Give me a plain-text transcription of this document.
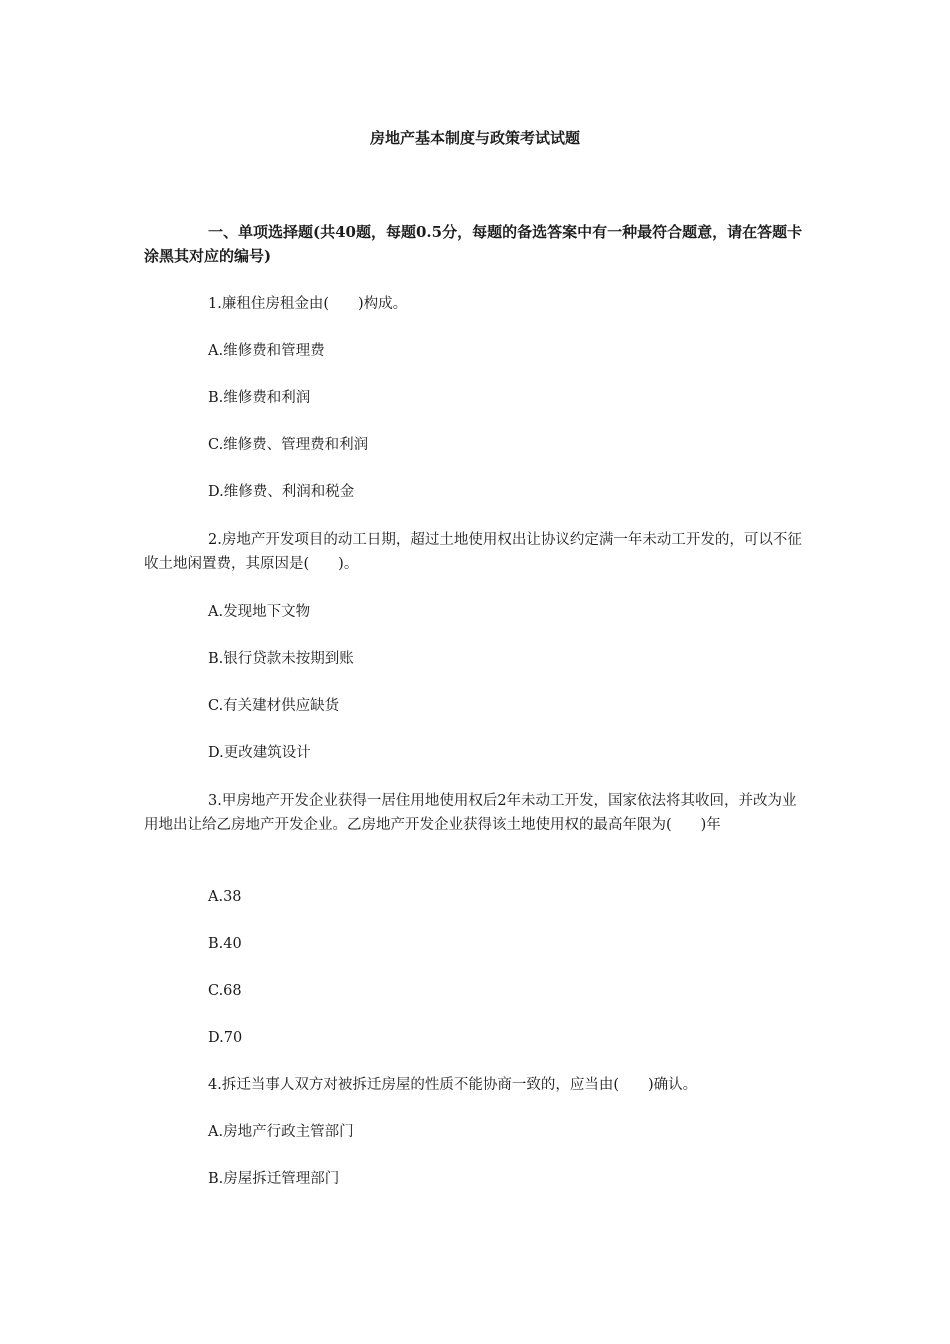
房地产基本制度与政策考试试题
一、单项选择题(共40题，每题0.5分，每题的备选答案中有一种最符合题意，请在答题卡涂黑其对应的编号)
1.廉租住房租金由(　　)构成。
A.维修费和管理费
B.维修费和利润
C.维修费、管理费和利润
D.维修费、利润和税金
2.房地产开发项目的动工日期，超过土地使用权出让协议约定满一年未动工开发的，可以不征收土地闲置费，其原因是(　　)。
A.发现地下文物
B.银行贷款未按期到账
C.有关建材供应缺货
D.更改建筑设计
3.甲房地产开发企业获得一居住用地使用权后2年未动工开发，国家依法将其收回，并改为业用地出让给乙房地产开发企业。乙房地产开发企业获得该土地使用权的最高年限为(　　)年
A.38
B.40
C.68
D.70
4.拆迁当事人双方对被拆迁房屋的性质不能协商一致的，应当由(　　)确认。
A.房地产行政主管部门
B.房屋拆迁管理部门
